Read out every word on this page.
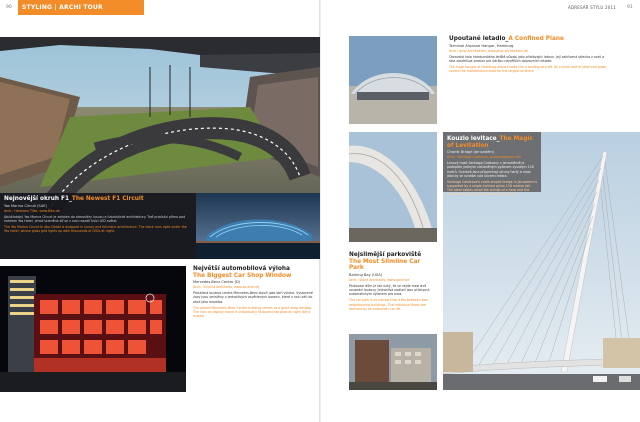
90	STYLING | ARCHI TOUR	ADRESÁŘ STYLU 2011 91
Nejnovější okruh F1_The Newest F1 Circuit
Yas Marina Circuit (SAE)
Arch.: Hermann Tilke, www.tilke.de
Abúdžabský Yas Marina Circuit je zahalen do atmosféry luxusu a futuristické architektury. Trať prochází přímo pod hotelem Yas Hotel, jehož skleněná síť se v noci rozzáří tisíci LED světel.
The Yas Marina Circuit in Abu Dhabi is wrapped in luxury and futuristic architecture. The track runs right under the Yas Hotel, whose glass grid lights up with thousands of LEDs at night.
Největší automobilová výloha
The Biggest Car Shop Window
Mercedes-Benz Center (D)
Arch.: Schmid Architects, www.sa-arch.de
Prosklená budova centra Mercedes-Benz slouží jako obří výloha. Vystavené vozy jsou umístěny v jednotlivých osvětlených boxech, které v noci září do okolí jako mozaika.
The glazed Mercedes-Benz Center building serves as a giant shop window. The cars on display stand in individually lit boxes that glow at night like a mosaic.
Upoutané letadlo_A Confined Plane
Terminal Airplane Hangar, Hamburg
Arch.: gmp Architekten, www.gmp-architekten.de
Obrovská hala hamburského letiště působí jako přistávající letoun. Její zakřivená střecha z oceli a skla zastřešuje prostor pro údržbu největších dopravních letadel.
The huge hangar at Hamburg airport looks like a landing aircraft. Its curved roof of steel and glass covers the maintenance area for the largest airliners.
Nejslimější parkoviště
The Most Slimline Car Park
Barking Bay (USA)
Arch.: Spine Architects, www.spine.de
Parkovací dům je tak úzký, že se vejde mezi dvě sousední budovy. Jednotlivá podlaží jsou přístupná automatickým výtahem pro auta.
The car park is so narrow that it fits between two neighbouring buildings. The individual floors are reached by an automatic car lift.
Kouzlo levitace_The Magic of Levitation
Chords Bridge (Jeruzalém)
Arch.: Santiago Calatrava, www.calatrava.com
Lanový most Santiaga Calatravy v Jeruzalémě je podepřen jediným nakloněným pylonem vysokým 118 metrů. Ocelová lana připomínají struny harfy a most jako by se vznášel nad ulicemi města.
Santiago Calatrava's cable-stayed bridge in Jerusalem is supported by a single inclined pylon 118 metres tall. The steel cables recall the strings of a harp and the bridge seems to float above the city streets.
